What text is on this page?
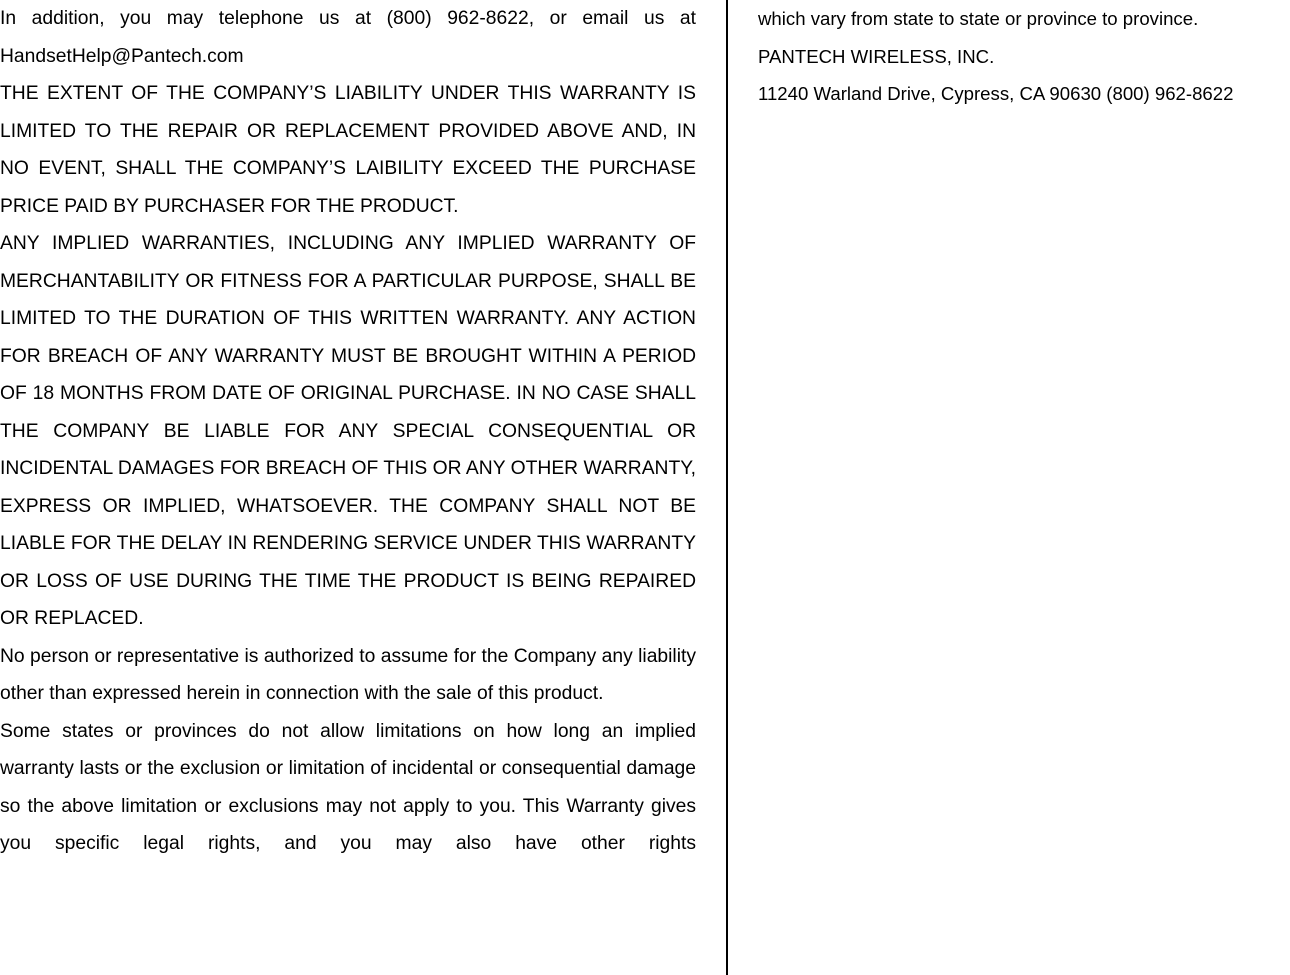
In addition, you may telephone us at (800) 962-8622, or email us at HandsetHelp@Pantech.com

THE EXTENT OF THE COMPANY’S LIABILITY UNDER THIS WARRANTY IS LIMITED TO THE REPAIR OR REPLACEMENT PROVIDED ABOVE AND, IN NO EVENT, SHALL THE COMPANY’S LAIBILITY EXCEED THE PURCHASE PRICE PAID BY PURCHASER FOR THE PRODUCT.

ANY IMPLIED WARRANTIES, INCLUDING ANY IMPLIED WARRANTY OF MERCHANTABILITY OR FITNESS FOR A PARTICULAR PURPOSE, SHALL BE LIMITED TO THE DURATION OF THIS WRITTEN WARRANTY. ANY ACTION FOR BREACH OF ANY WARRANTY MUST BE BROUGHT WITHIN A PERIOD OF 18 MONTHS FROM DATE OF ORIGINAL PURCHASE. IN NO CASE SHALL THE COMPANY BE LIABLE FOR ANY SPECIAL CONSEQUENTIAL OR INCIDENTAL DAMAGES FOR BREACH OF THIS OR ANY OTHER WARRANTY, EXPRESS OR IMPLIED, WHATSOEVER. THE COMPANY SHALL NOT BE LIABLE FOR THE DELAY IN RENDERING SERVICE UNDER THIS WARRANTY OR LOSS OF USE DURING THE TIME THE PRODUCT IS BEING REPAIRED OR REPLACED.

No person or representative is authorized to assume for the Company any liability other than expressed herein in connection with the sale of this product.

Some states or provinces do not allow limitations on how long an implied warranty lasts or the exclusion or limitation of incidental or consequential damage so the above limitation or exclusions may not apply to you. This Warranty gives you specific legal rights, and you may also have other rights

which vary from state to state or province to province.

PANTECH WIRELESS, INC.

11240 Warland Drive, Cypress, CA 90630 (800) 962-8622
